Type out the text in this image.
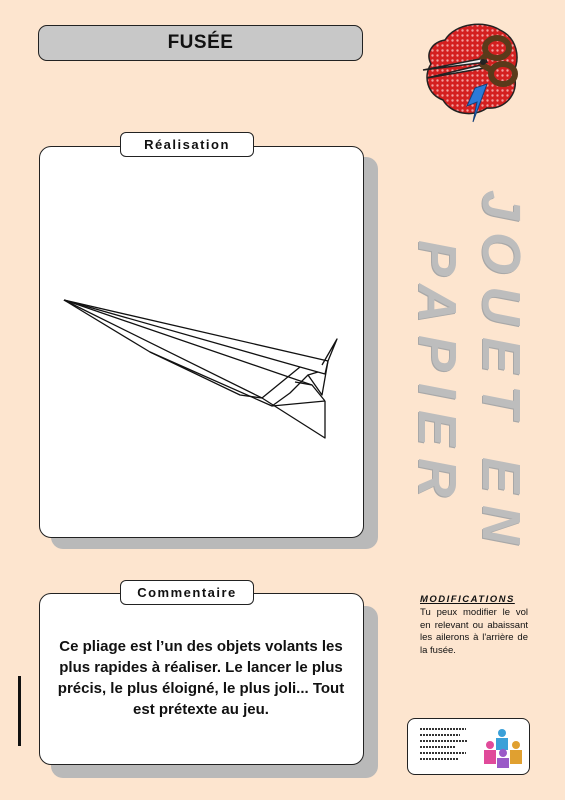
FUSÉE
Réalisation
Commentaire
Ce pliage est l’un des objets volants les plus rapides à réaliser. Le lancer le plus précis, le plus éloigné, le plus joli... Tout est prétexte au jeu.
JOUET EN
PAPIER
MODIFICATIONS
Tu peux modifier le vol en relevant ou abaissant les ailerons à l'arrière de la fusée.
